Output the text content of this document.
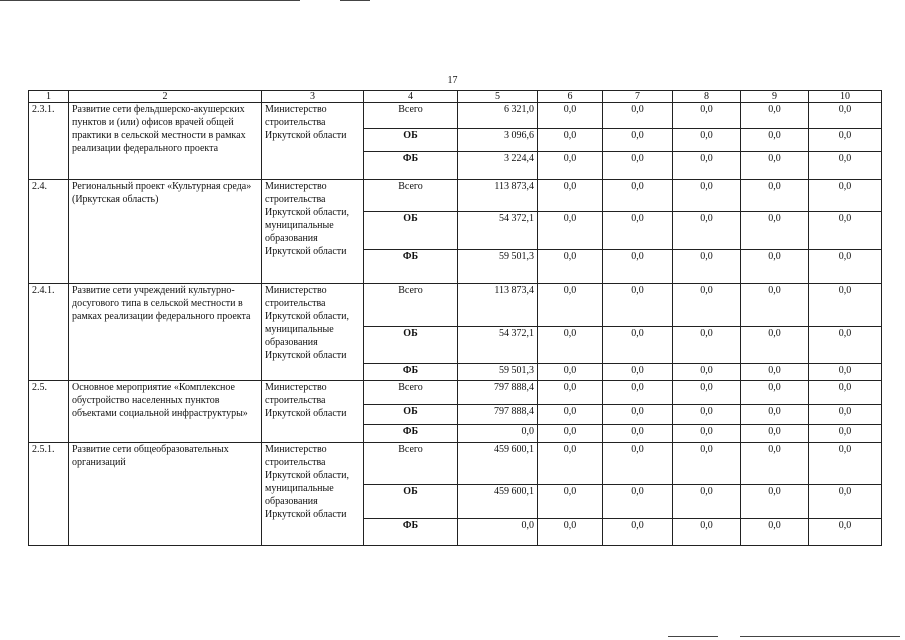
17
1	2	3	4	5	6	7	8	9	10
2.3.1.	Развитие сети фельдшерско-акушерских пунктов и (или) офисов врачей общей практики в сельской местности в рамках реализации федерального проекта	Министерство строительства Иркутской области	Всего	6 321,0	0,0	0,0	0,0	0,0	0,0
			ОБ	3 096,6	0,0	0,0	0,0	0,0	0,0
			ФБ	3 224,4	0,0	0,0	0,0	0,0	0,0
2.4.	Региональный проект «Культурная среда» (Иркутская область)	Министерство строительства Иркутской области, муниципальные образования Иркутской области	Всего	113 873,4	0,0	0,0	0,0	0,0	0,0
			ОБ	54 372,1	0,0	0,0	0,0	0,0	0,0
			ФБ	59 501,3	0,0	0,0	0,0	0,0	0,0
2.4.1.	Развитие сети учреждений культурно-досугового типа в сельской местности в рамках реализации федерального проекта	Министерство строительства Иркутской области, муниципальные образования Иркутской области	Всего	113 873,4	0,0	0,0	0,0	0,0	0,0
			ОБ	54 372,1	0,0	0,0	0,0	0,0	0,0
			ФБ	59 501,3	0,0	0,0	0,0	0,0	0,0
2.5.	Основное мероприятие «Комплексное обустройство населенных пунктов объектами социальной инфраструктуры»	Министерство строительства Иркутской области	Всего	797 888,4	0,0	0,0	0,0	0,0	0,0
			ОБ	797 888,4	0,0	0,0	0,0	0,0	0,0
			ФБ	0,0	0,0	0,0	0,0	0,0	0,0
2.5.1.	Развитие сети общеобразовательных организаций	Министерство строительства Иркутской области, муниципальные образования Иркутской области	Всего	459 600,1	0,0	0,0	0,0	0,0	0,0
			ОБ	459 600,1	0,0	0,0	0,0	0,0	0,0
			ФБ	0,0	0,0	0,0	0,0	0,0	0,0
